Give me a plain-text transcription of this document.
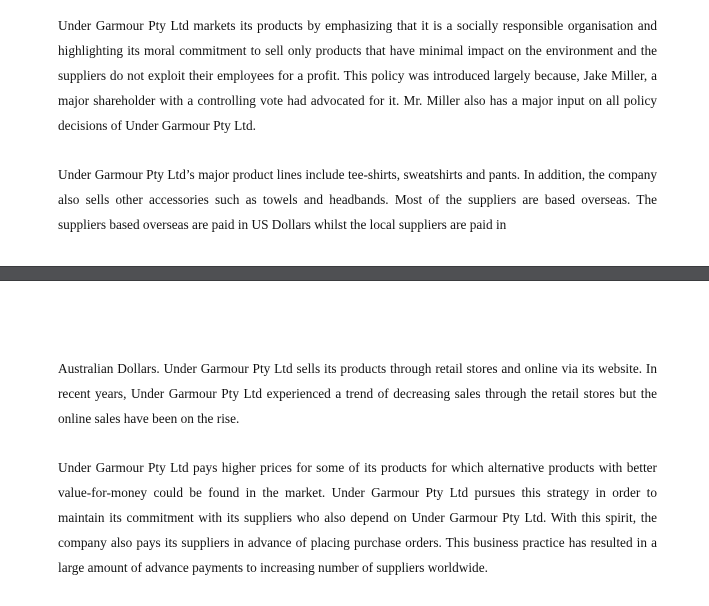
Under Garmour Pty Ltd markets its products by emphasizing that it is a socially responsible organisation and highlighting its moral commitment to sell only products that have minimal impact on the environment and the suppliers do not exploit their employees for a profit. This policy was introduced largely because, Jake Miller, a major shareholder with a controlling vote had advocated for it. Mr. Miller also has a major input on all policy decisions of Under Garmour Pty Ltd.

Under Garmour Pty Ltd’s major product lines include tee-shirts, sweatshirts and pants. In addition, the company also sells other accessories such as towels and headbands. Most of the suppliers are based overseas. The suppliers based overseas are paid in US Dollars whilst the local suppliers are paid in

Australian Dollars. Under Garmour Pty Ltd sells its products through retail stores and online via its website. In recent years, Under Garmour Pty Ltd experienced a trend of decreasing sales through the retail stores but the online sales have been on the rise.

Under Garmour Pty Ltd pays higher prices for some of its products for which alternative products with better value-for-money could be found in the market. Under Garmour Pty Ltd pursues this strategy in order to maintain its commitment with its suppliers who also depend on Under Garmour Pty Ltd. With this spirit, the company also pays its suppliers in advance of placing purchase orders. This business practice has resulted in a large amount of advance payments to increasing number of suppliers worldwide.
